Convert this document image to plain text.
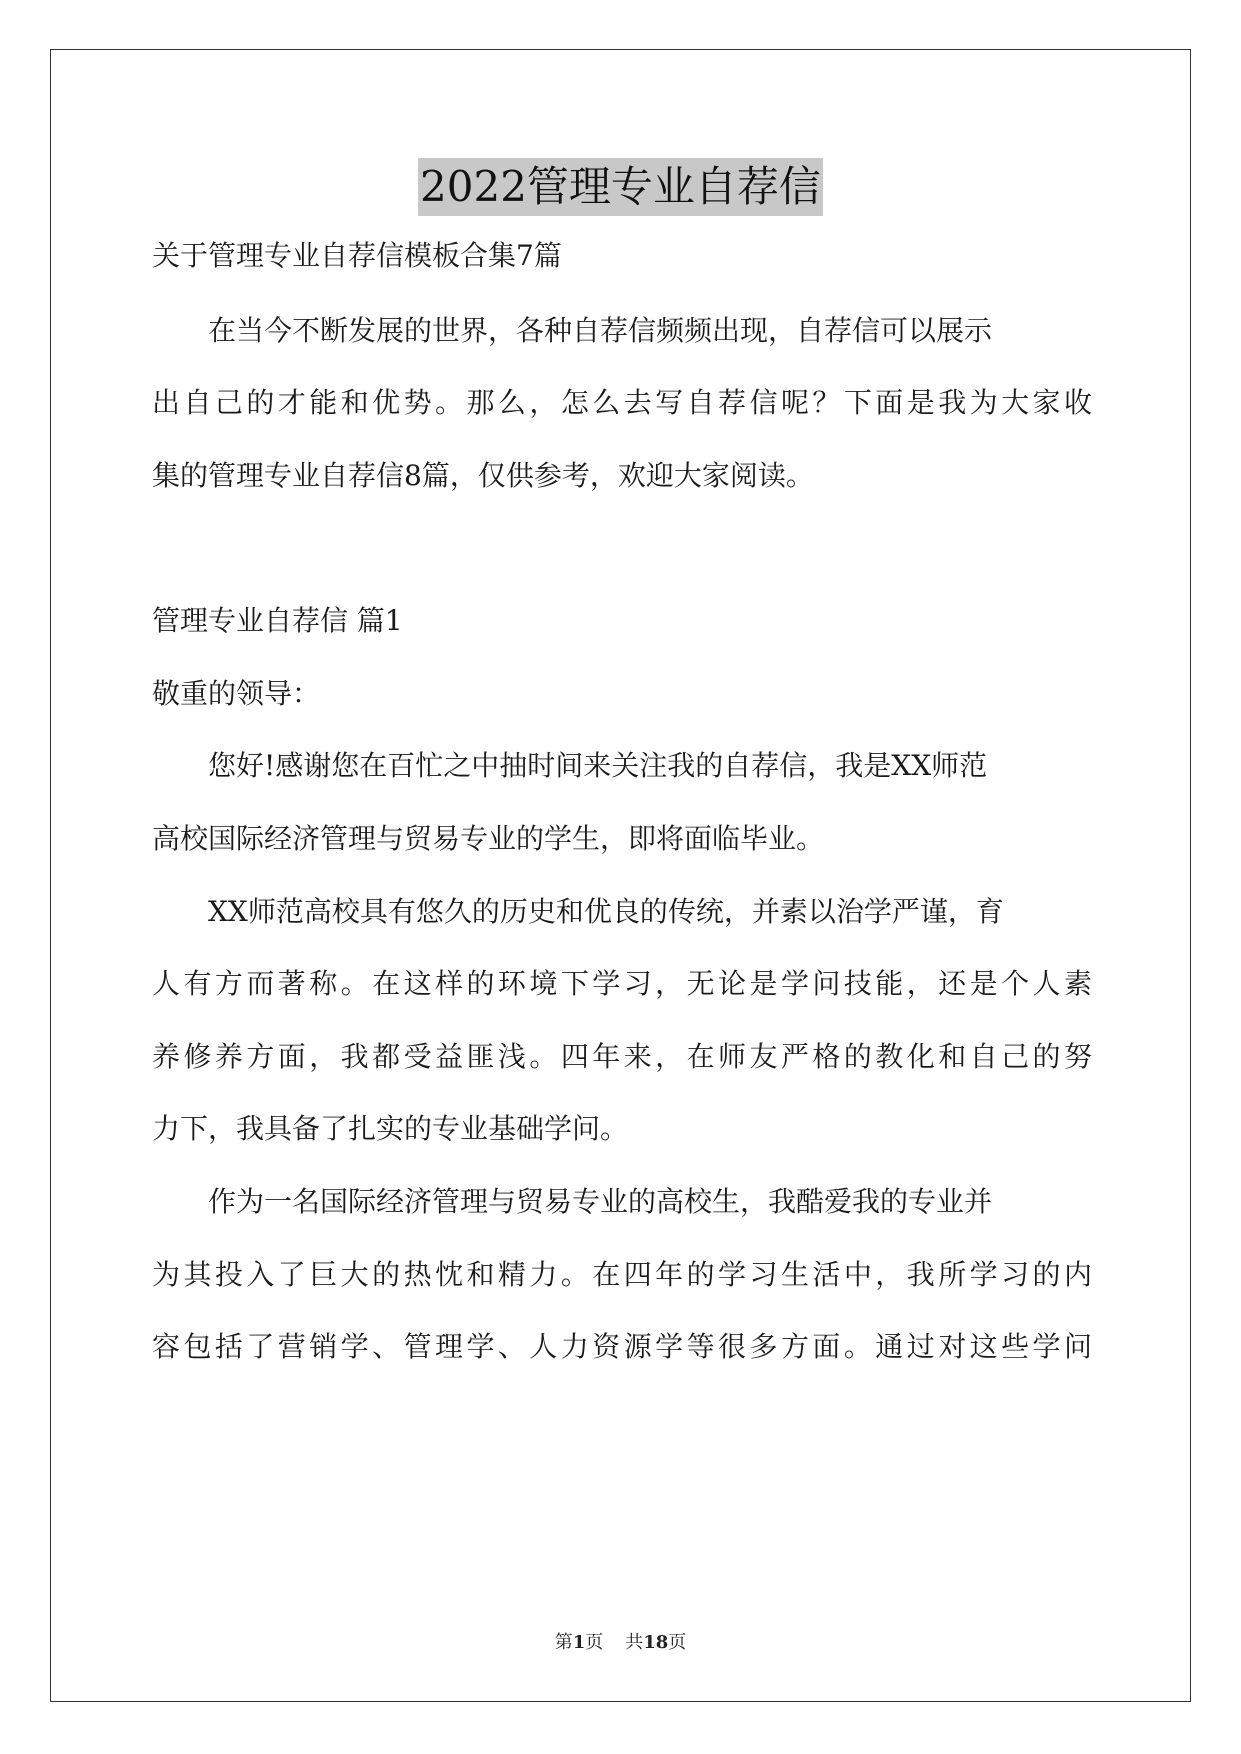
2022管理专业自荐信
关于管理专业自荐信模板合集7篇
在当今不断发展的世界，各种自荐信频频出现，自荐信可以展示
出自己的才能和优势。那么，怎么去写自荐信呢？下面是我为大家收
集的管理专业自荐信8篇，仅供参考，欢迎大家阅读。
管理专业自荐信 篇1
敬重的领导：
您好!感谢您在百忙之中抽时间来关注我的自荐信，我是XX师范
高校国际经济管理与贸易专业的学生，即将面临毕业。
XX师范高校具有悠久的历史和优良的传统，并素以治学严谨，育
人有方而著称。在这样的环境下学习，无论是学问技能，还是个人素
养修养方面，我都受益匪浅。四年来，在师友严格的教化和自己的努
力下，我具备了扎实的专业基础学问。
作为一名国际经济管理与贸易专业的高校生，我酷爱我的专业并
为其投入了巨大的热忱和精力。在四年的学习生活中，我所学习的内
容包括了营销学、管理学、人力资源学等很多方面。通过对这些学问
第1页 共18页
